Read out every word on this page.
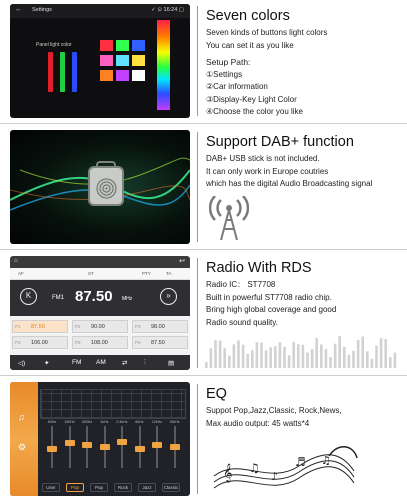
← Settings	✓ ⊙ 16:24 ▢
Panel light color
Seven colors
Seven kinds of buttons light colors
You can set it as you like
Setup Path:
①Settings
②Car information
③Display-Key Light Color
④Choose the color you like
Support DAB+ function
DAB+ USB stick is not included.
It can only work in Europe coutries
which has the digital Audio Broadcasting signal
⌂	↩
AF	ST	PTY	TA
K	FM1 87.50 MHz	»
P1 87.50	P2 90.00	P3 98.00
P4 106.00	P5 108.00	P6 87.50
◁)	✦	FM AM	⇄	⫶	▤
Radio With RDS
Radio IC： ST7708
Built in powerful ST7708 radio chip.
Bring high global coverage and good
Radio sound quality.
♫
⚙
60Hz	150Hz	400Hz	1kHz	2.4kHz	6kHz	12kHz	15kHz
User	Pop	Pop	Rock	Jazz	Classic
EQ
Suppot Pop,Jazz,Classic, Rock,News,
Max audio output: 45 watts*4
𝄞 ♫
♪
♬ ♫
